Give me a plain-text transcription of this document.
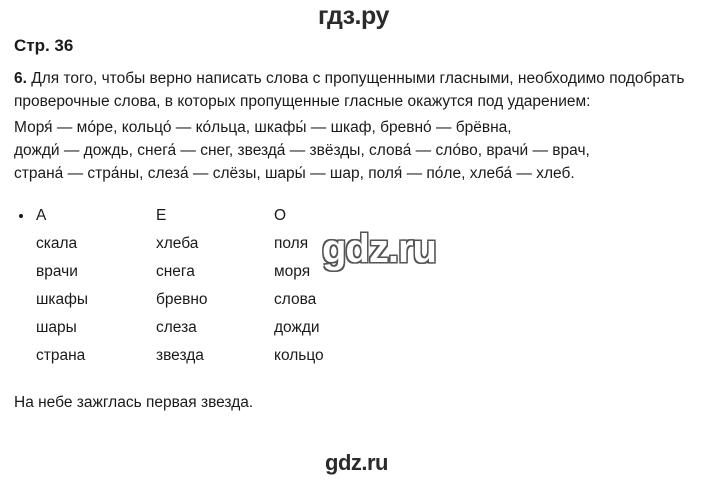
гдз.ру
Стр. 36

6. Для того, чтобы верно написать слова с пропущенными гласными, необходимо подобрать проверочные слова, в которых пропущенные гласные окажутся под ударением:

Моря́ — мо́ре, кольцо́ — ко́льца, шкафы́ — шкаф, бревно́ — брёвна,
дожди́ — дождь, снега́ — снег, звезда́ — звёзды, слова́ — сло́во, врачи́ — врач,
страна́ — стра́ны, слеза́ — слёзы, шары́ — шар, поля́ — по́ле, хлеба́ — хлеб.
А	Е	О
скала	хлеба	поля
врачи	снега	моря
шкафы	бревно	слова
шары	слеза	дожди
страна	звезда	кольцо
На небе зажглась первая звезда.
gdz.ru
gdz.ru
